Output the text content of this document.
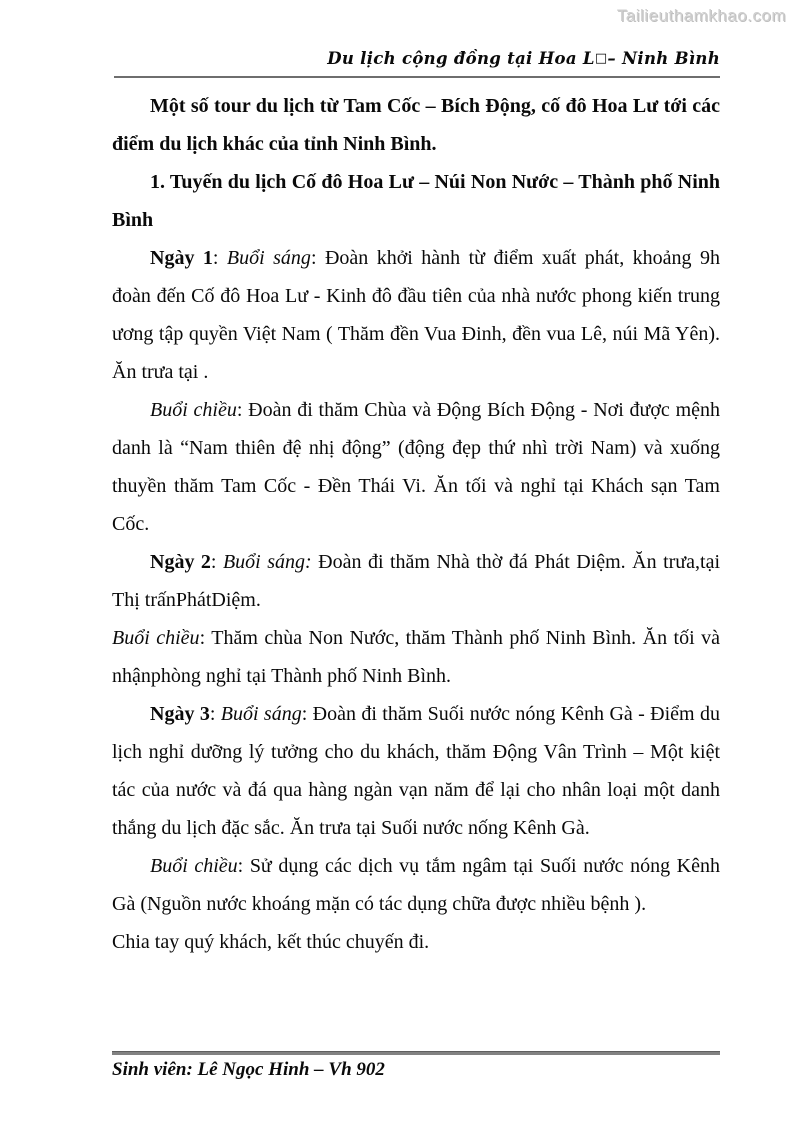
Tailieuthamkhao.com
Du lịch cộng đồng tại Hoa L□– Ninh Bình

Một số tour du lịch từ Tam Cốc – Bích Động, cố đô Hoa Lư tới các điểm du lịch khác của tỉnh Ninh Bình.

1. Tuyến du lịch Cố đô Hoa Lư – Núi Non Nước – Thành phố Ninh Bình

Ngày 1: Buổi sáng: Đoàn khởi hành từ điểm xuất phát, khoảng 9h đoàn đến Cố đô Hoa Lư - Kinh đô đầu tiên của nhà nước phong kiến trung ương tập quyền Việt Nam ( Thăm đền Vua Đinh, đền vua Lê, núi Mã Yên). Ăn trưa tại .

Buổi chiều: Đoàn đi thăm Chùa và Động Bích Động - Nơi được mệnh danh là “Nam thiên đệ nhị động” (động đẹp thứ nhì trời Nam) và xuống thuyền thăm Tam Cốc - Đền Thái Vi. Ăn tối và nghỉ tại Khách sạn Tam Cốc.

Ngày 2: Buổi sáng: Đoàn đi thăm Nhà thờ đá Phát Diệm. Ăn trưa,tại Thị trấnPhátDiệm.

Buổi chiều: Thăm chùa Non Nước, thăm Thành phố Ninh Bình. Ăn tối và nhậnphòng nghỉ tại Thành phố Ninh Bình.

Ngày 3: Buổi sáng: Đoàn đi thăm Suối nước nóng Kênh Gà - Điểm du lịch nghỉ dưỡng lý tưởng cho du khách, thăm Động Vân Trình – Một kiệt tác của nước và đá qua hàng ngàn vạn năm để lại cho nhân loại một danh thắng du lịch đặc sắc. Ăn trưa tại Suối nước nống Kênh Gà.

Buổi chiều: Sử dụng các dịch vụ tắm ngâm tại Suối nước nóng Kênh Gà (Nguồn nước khoáng mặn có tác dụng chữa được nhiều bệnh ).

Chia tay quý khách, kết thúc chuyến đi.

Sinh viên: Lê Ngọc Hinh – Vh 902
